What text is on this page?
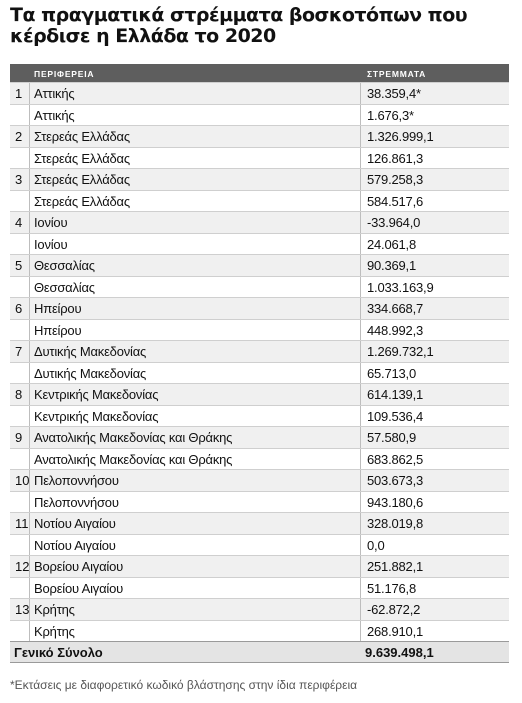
Τα πραγματικά στρέμματα βοσκοτόπων που κέρδισε η Ελλάδα το 2020
ΠΕΡΙΦΕΡΕΙΑ	ΣΤΡΕΜΜΑΤΑ
1 Αττικής	38.359,4*
Αττικής	1.676,3*
2 Στερεάς Ελλάδας	1.326.999,1
Στερεάς Ελλάδας	126.861,3
3 Στερεάς Ελλάδας	579.258,3
Στερεάς Ελλάδας	584.517,6
4 Ιονίου	-33.964,0
Ιονίου	24.061,8
5 Θεσσαλίας	90.369,1
Θεσσαλίας	1.033.163,9
6 Ηπείρου	334.668,7
Ηπείρου	448.992,3
7 Δυτικής Μακεδονίας	1.269.732,1
Δυτικής Μακεδονίας	65.713,0
8 Κεντρικής Μακεδονίας	614.139,1
Κεντρικής Μακεδονίας	109.536,4
9 Ανατολικής Μακεδονίας και Θράκης	57.580,9
Ανατολικής Μακεδονίας και Θράκης	683.862,5
10 Πελοποννήσου	503.673,3
Πελοποννήσου	943.180,6
11 Νοτίου Αιγαίου	328.019,8
Νοτίου Αιγαίου	0,0
12 Βορείου Αιγαίου	251.882,1
Βορείου Αιγαίου	51.176,8
13 Κρήτης	-62.872,2
Κρήτης	268.910,1
Γενικό Σύνολο	9.639.498,1
*Εκτάσεις με διαφορετικό κωδικό βλάστησης στην ίδια περιφέρεια
